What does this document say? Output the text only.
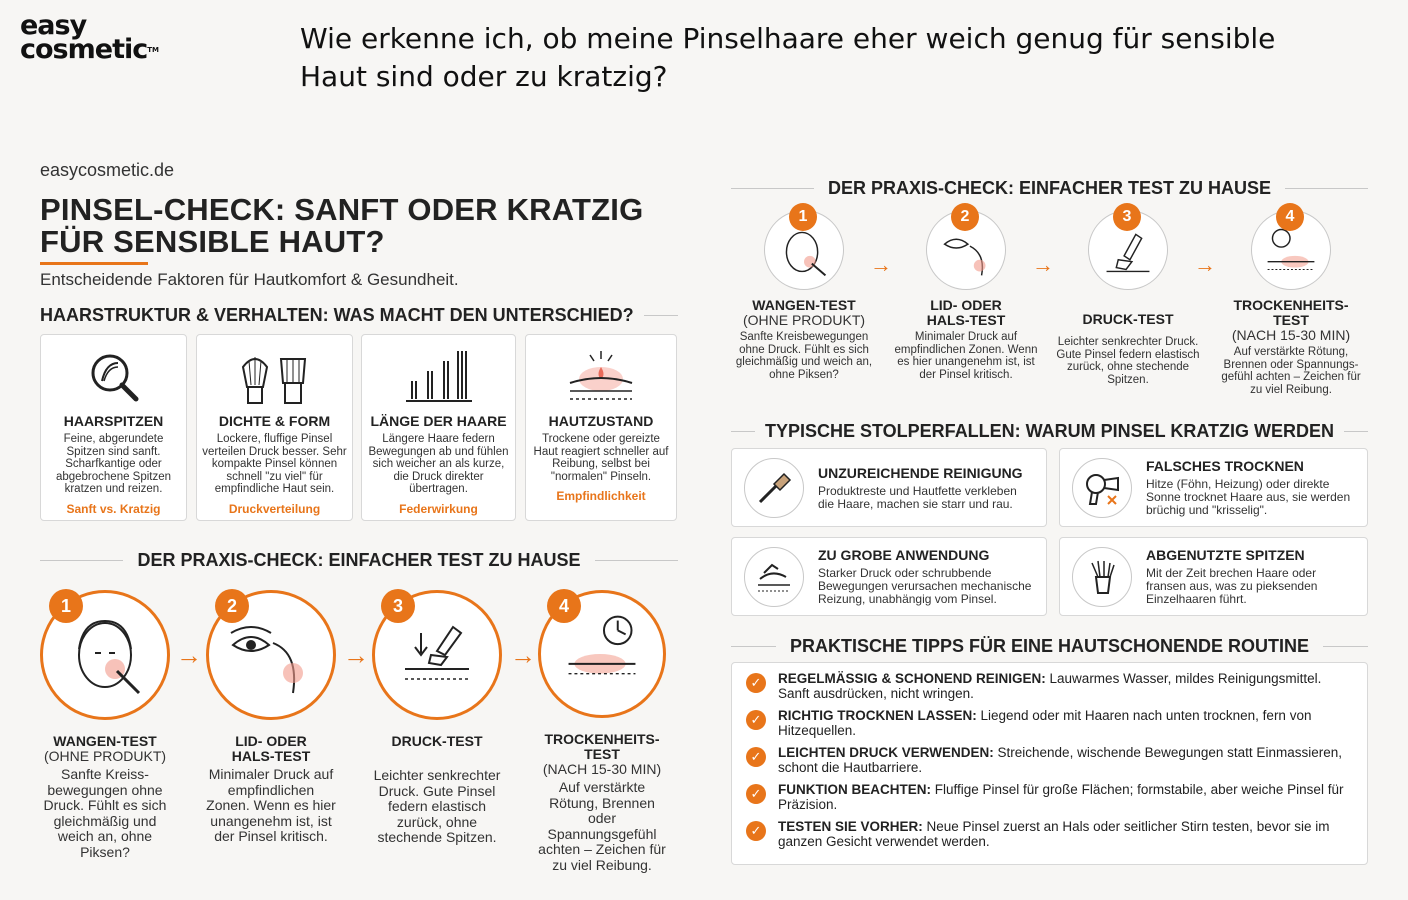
easy
cosmetic™	Wie erkenne ich, ob meine Pinselhaare eher weich genug für sensible Haut sind oder zu kratzig?
easycosmetic.de
PINSEL-CHECK: SANFT ODER KRATZIG
FÜR SENSIBLE HAUT?
Entscheidende Faktoren für Hautkomfort & Gesundheit.
HAARSTRUKTUR & VERHALTEN: WAS MACHT DEN UNTERSCHIED?
HAARSPITZEN

Feine, abgerundete Spitzen sind sanft. Scharfkantige oder abgebrochene Spitzen kratzen und reizen.

Sanft vs. Kratzig
DICHTE & FORM

Lockere, fluffige Pinsel verteilen Druck besser. Sehr kompakte Pinsel können schnell "zu viel" für empfindliche Haut sein.

Druckverteilung
LÄNGE DER HAARE

Längere Haare federn Bewegungen ab und fühlen sich weicher an als kurze, die Druck direkter übertragen.

Federwirkung
HAUTZUSTAND

Trockene oder gereizte Haut reagiert schneller auf Reibung, selbst bei "normalen" Pinseln.

Empfindlichkeit
DER PRAXIS-CHECK: EINFACHER TEST ZU HAUSE
1
WANGEN-TEST
(OHNE PRODUKT)

Sanfte Kreiss-bewegungen ohne Druck. Fühlt es sich gleichmäßig und weich an, ohne Piksen?

→
2
LID- ODER
HALS-TEST

Minimaler Druck auf empfindlichen Zonen. Wenn es hier unangenehm ist, ist der Pinsel kritisch.

→
3
DRUCK-TEST

Leichter senkrechter Druck. Gute Pinsel federn elastisch zurück, ohne stechende Spitzen.

→
4
TROCKENHEITS-TEST
(NACH 15-30 MIN)

Auf verstärkte Rötung, Brennen oder Spannungsgefühl achten – Zeichen für zu viel Reibung.

DER PRAXIS-CHECK: EINFACHER TEST ZU HAUSE
1
WANGEN-TEST
(OHNE PRODUKT)

Sanfte Kreisbewegungen ohne Druck. Fühlt es sich gleichmäßig und weich an, ohne Piksen?

→
2
LID- ODER
HALS-TEST

Minimaler Druck auf empfindlichen Zonen. Wenn es hier unangenehm ist, ist der Pinsel kritisch.

→
3
DRUCK-TEST

Leichter senkrechter Druck. Gute Pinsel federn elastisch zurück, ohne stechende Spitzen.

→
4
TROCKENHEITS-TEST
(NACH 15-30 MIN)

Auf verstärkte Rötung, Brennen oder Spannungs-gefühl achten – Zeichen für zu viel Reibung.

TYPISCHE STOLPERFALLEN: WARUM PINSEL KRATZIG WERDEN
UNZUREICHENDE REINIGUNG

Produktreste und Hautfette verkleben die Haare, machen sie starr und rau.

FALSCHES TROCKNEN

Hitze (Föhn, Heizung) oder direkte Sonne trocknet Haare aus, sie werden brüchig und "krisselig".

ZU GROBE ANWENDUNG

Starker Druck oder schrubbende Bewegungen verursachen mechanische Reizung, unabhängig vom Pinsel.

ABGENUTZTE SPITZEN

Mit der Zeit brechen Haare oder fransen aus, was zu pieksenden Einzelhaaren führt.

PRAKTISCHE TIPPS FÜR EINE HAUTSCHONENDE ROUTINE
✓	REGELMÄSSIG & SCHONEND REINIGEN: Lauwarmes Wasser, mildes Reinigungsmittel. Sanft ausdrücken, nicht wringen.
✓	RICHTIG TROCKNEN LASSEN: Liegend oder mit Haaren nach unten trocknen, fern von Hitzequellen.
✓	LEICHTEN DRUCK VERWENDEN: Streichende, wischende Bewegungen statt Einmassieren, schont die Hautbarriere.
✓	FUNKTION BEACHTEN: Fluffige Pinsel für große Flächen; formstabile, aber weiche Pinsel für Präzision.
✓	TESTEN SIE VORHER: Neue Pinsel zuerst an Hals oder seitlicher Stirn testen, bevor sie im ganzen Gesicht verwendet werden.
